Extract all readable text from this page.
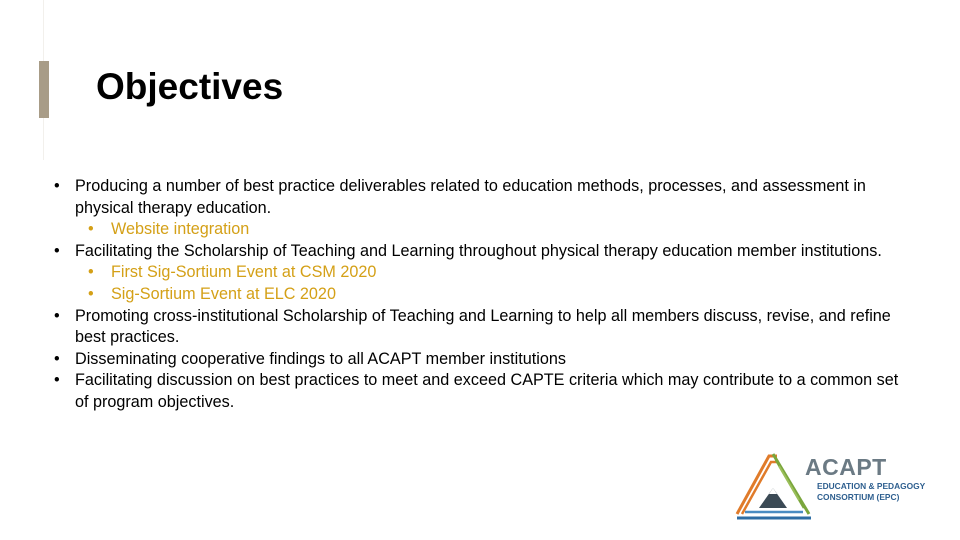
Objectives
• Producing a number of best practice deliverables related to education methods, processes, and assessment in physical therapy education.
• Website integration
• Facilitating the Scholarship of Teaching and Learning throughout physical therapy education member institutions.
• First Sig-Sortium Event at CSM 2020
• Sig-Sortium Event at ELC 2020
• Promoting cross-institutional Scholarship of Teaching and Learning to help all members discuss, revise, and refine best practices.
• Disseminating cooperative findings to all ACAPT member institutions
• Facilitating discussion on best practices to meet and exceed CAPTE criteria which may contribute to a common set of program objectives.
ACAPT
EDUCATION & PEDAGOGY
CONSORTIUM (EPC)
